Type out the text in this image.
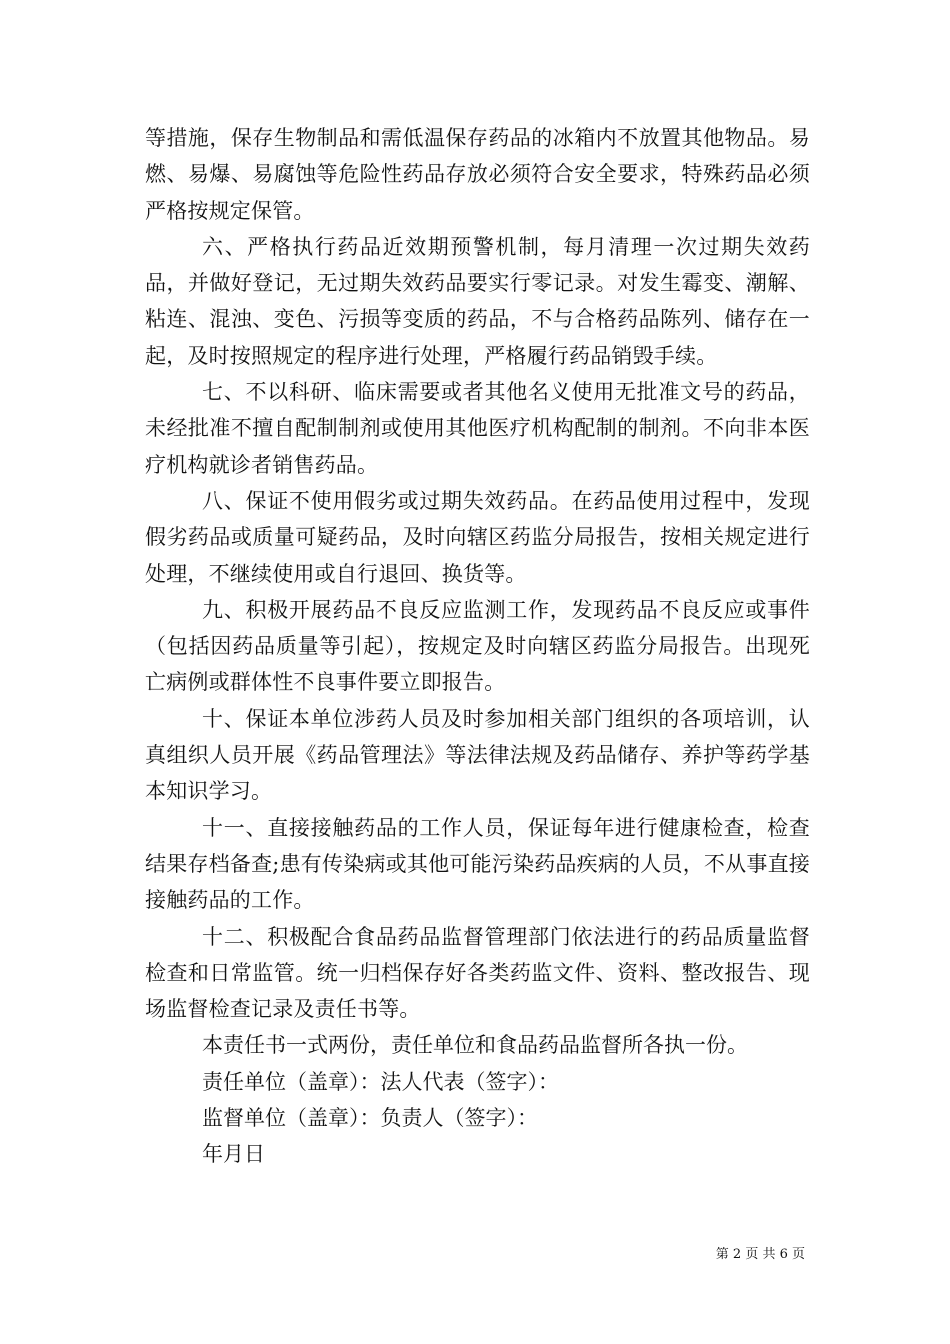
等措施，保存生物制品和需低温保存药品的冰箱内不放置其他物品。易燃、易爆、易腐蚀等危险性药品存放必须符合安全要求，特殊药品必须严格按规定保管。

六、严格执行药品近效期预警机制，每月清理一次过期失效药品，并做好登记，无过期失效药品要实行零记录。对发生霉变、潮解、粘连、混浊、变色、污损等变质的药品，不与合格药品陈列、储存在一起，及时按照规定的程序进行处理，严格履行药品销毁手续。

七、不以科研、临床需要或者其他名义使用无批准文号的药品，未经批准不擅自配制制剂或使用其他医疗机构配制的制剂。不向非本医疗机构就诊者销售药品。

八、保证不使用假劣或过期失效药品。在药品使用过程中，发现假劣药品或质量可疑药品，及时向辖区药监分局报告，按相关规定进行处理，不继续使用或自行退回、换货等。

九、积极开展药品不良反应监测工作，发现药品不良反应或事件（包括因药品质量等引起），按规定及时向辖区药监分局报告。出现死亡病例或群体性不良事件要立即报告。

十、保证本单位涉药人员及时参加相关部门组织的各项培训，认真组织人员开展《药品管理法》等法律法规及药品储存、养护等药学基本知识学习。

十一、直接接触药品的工作人员，保证每年进行健康检查，检查结果存档备查;患有传染病或其他可能污染药品疾病的人员，不从事直接接触药品的工作。

十二、积极配合食品药品监督管理部门依法进行的药品质量监督检查和日常监管。统一归档保存好各类药监文件、资料、整改报告、现场监督检查记录及责任书等。

本责任书一式两份，责任单位和食品药品监督所各执一份。

责任单位（盖章）：法人代表（签字）：

监督单位（盖章）：负责人（签字）：

年月日

第 2 页 共 6 页
